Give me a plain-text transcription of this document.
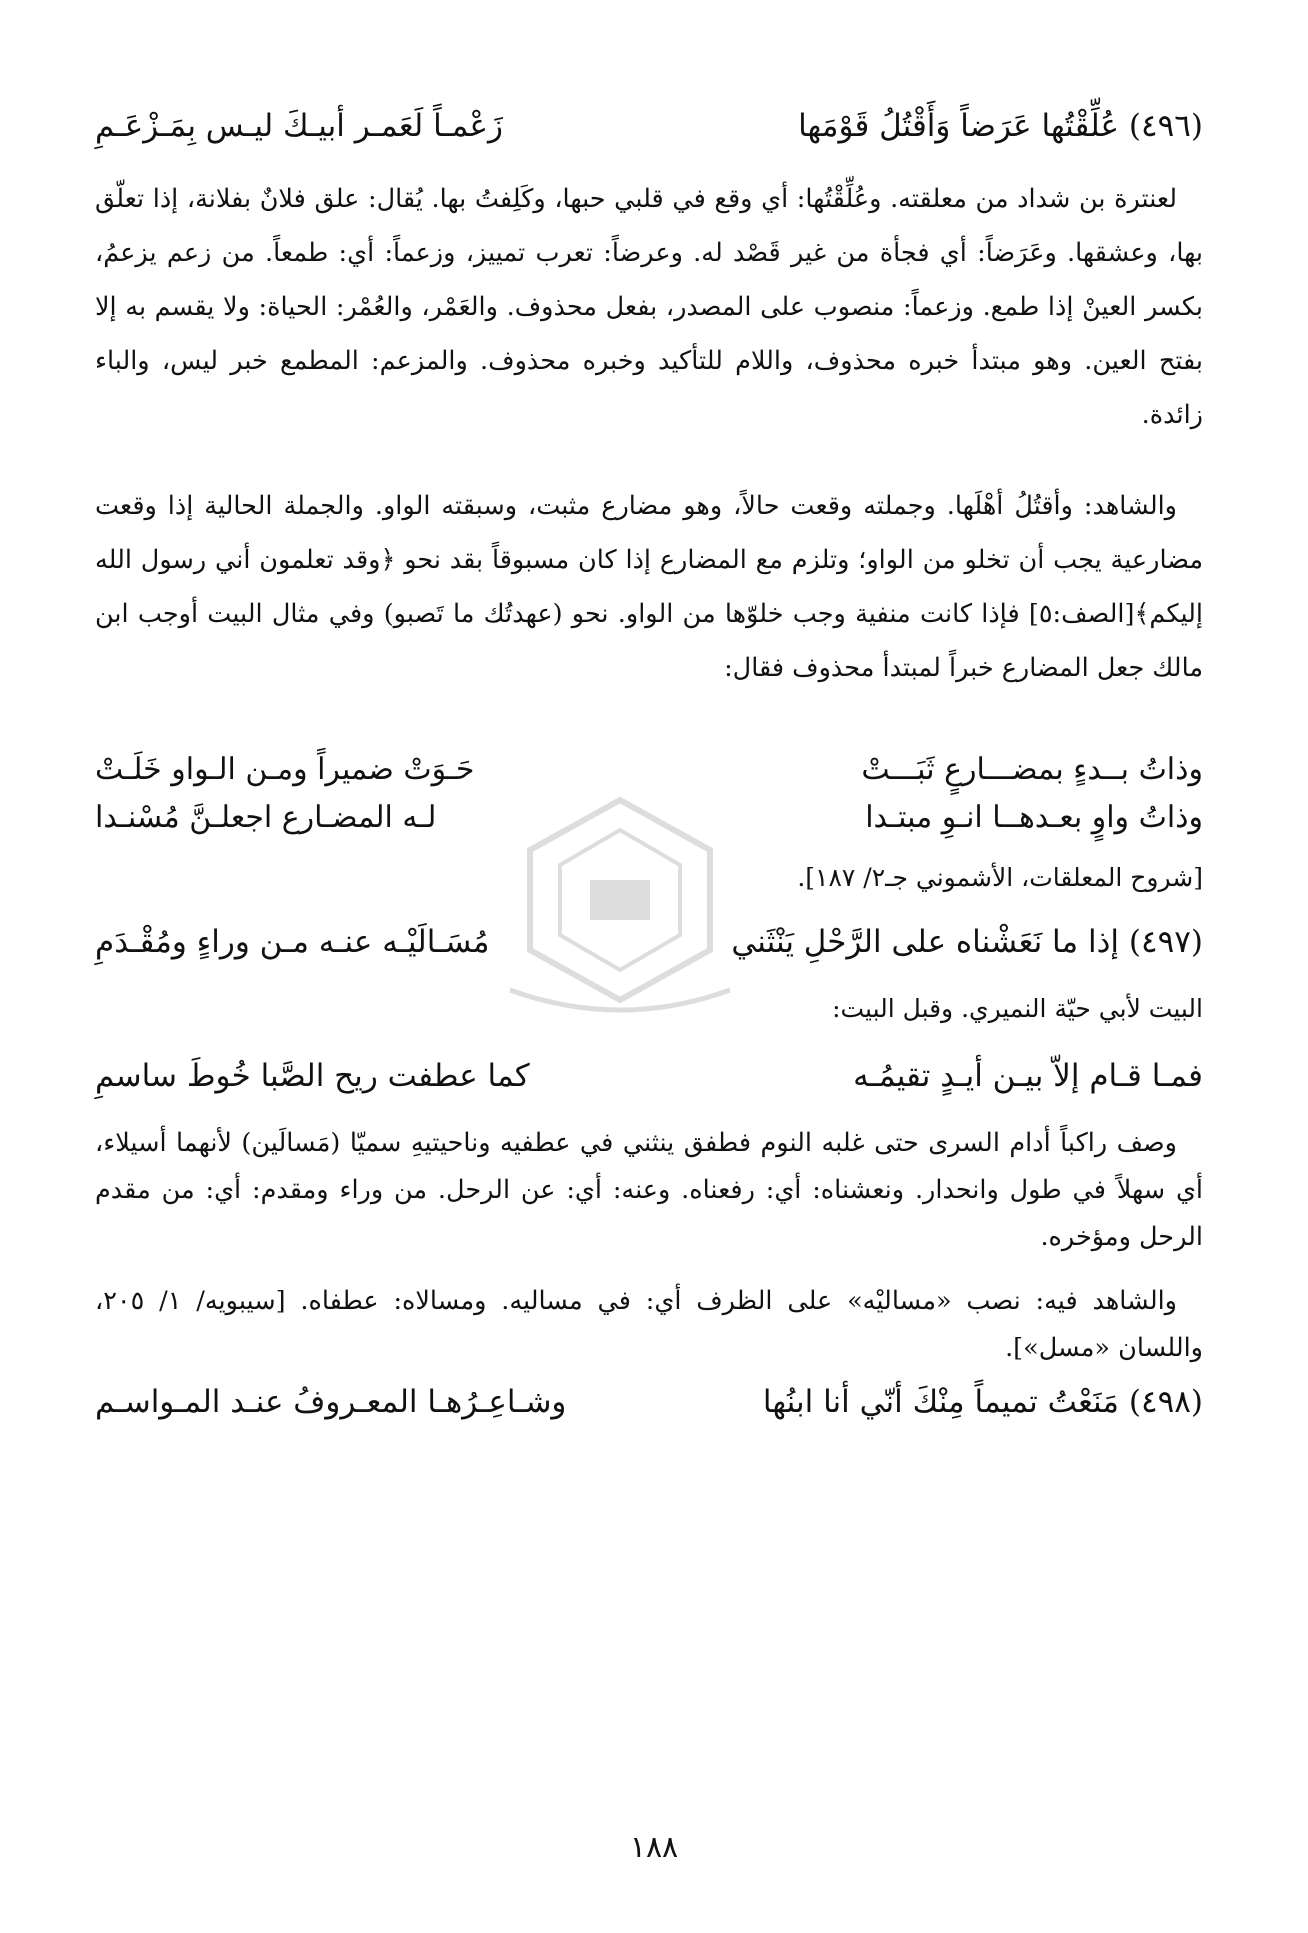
(٤٩٦) عُلِّقْتُها عَرَضاً وَأَقْتُلُ قَوْمَها
زَعْمـاً لَعَمـر أبيـكَ ليـس بِمَـزْعَـمِ
لعنترة بن شداد من معلقته. وعُلِّقْتُها: أي وقع في قلبي حبها، وكَلِفتُ بها. يُقال: علق فلانٌ بفلانة، إذا تعلّق بها، وعشقها. وعَرَضاً: أي فجأة من غير قَصْد له. وعرضاً: تعرب تمييز، وزعماً: أي: طمعاً. من زعم يزعمُ، بكسر العينْ إذا طمع. وزعماً: منصوب على المصدر، بفعل محذوف. والعَمْر، والعُمْر: الحياة: ولا يقسم به إلا بفتح العين. وهو مبتدأ خبره محذوف، واللام للتأكيد وخبره محذوف. والمزعم: المطمع خبر ليس، والباء زائدة.
والشاهد: وأقتُلُ أهْلَها. وجملته وقعت حالاً، وهو مضارع مثبت، وسبقته الواو. والجملة الحالية إذا وقعت مضارعية يجب أن تخلو من الواو؛ وتلزم مع المضارع إذا كان مسبوقاً بقد نحو ﴿وقد تعلمون أني رسول الله إليكم﴾[الصف:٥] فإذا كانت منفية وجب خلوّها من الواو. نحو (عهدتُك ما تَصبو) وفي مثال البيت أوجب ابن مالك جعل المضارع خبراً لمبتدأ محذوف فقال:
وذاتُ بــدءٍ بمضـــارعٍ ثَبَـــتْ
حَـوَتْ ضميراً ومـن الـواو خَلَـتْ
وذاتُ واوٍ بعـدهــا انـوِ مبتـدا
لـه المضـارع اجعلـنَّ مُسْنـدا
[شروح المعلقات، الأشموني جـ٢/ ١٨٧].
(٤٩٧) إذا ما نَعَشْناه على الرَّحْلِ يَنْثَني
مُسَـالَيْـه عنـه مـن وراءٍ ومُقْـدَمِ
البيت لأبي حيّة النميري. وقبل البيت:
فمـا قـام إلاّ بيـن أيـدٍ تقيمُـه
كما عطفت ريح الصَّبا خُوطَ ساسمِ
وصف راكباً أدام السرى حتى غلبه النوم فطفق ينثني في عطفيه وناحيتيهِ سميّا (مَسالَين) لأنهما أسيلاء، أي سهلاً في طول وانحدار. ونعشناه: أي: رفعناه. وعنه: أي: عن الرحل. من وراء ومقدم: أي: من مقدم الرحل ومؤخره.
والشاهد فيه: نصب «مساليْه» على الظرف أي: في مساليه. ومسالاه: عطفاه. [سيبويه/ ١/ ٢٠٥، واللسان «مسل»].
(٤٩٨) مَنَعْتُ تميماً مِنْكَ أنّي أنا ابنُها
وشـاعِـرُهـا المعـروفُ عنـد المـواسـم
١٨٨
